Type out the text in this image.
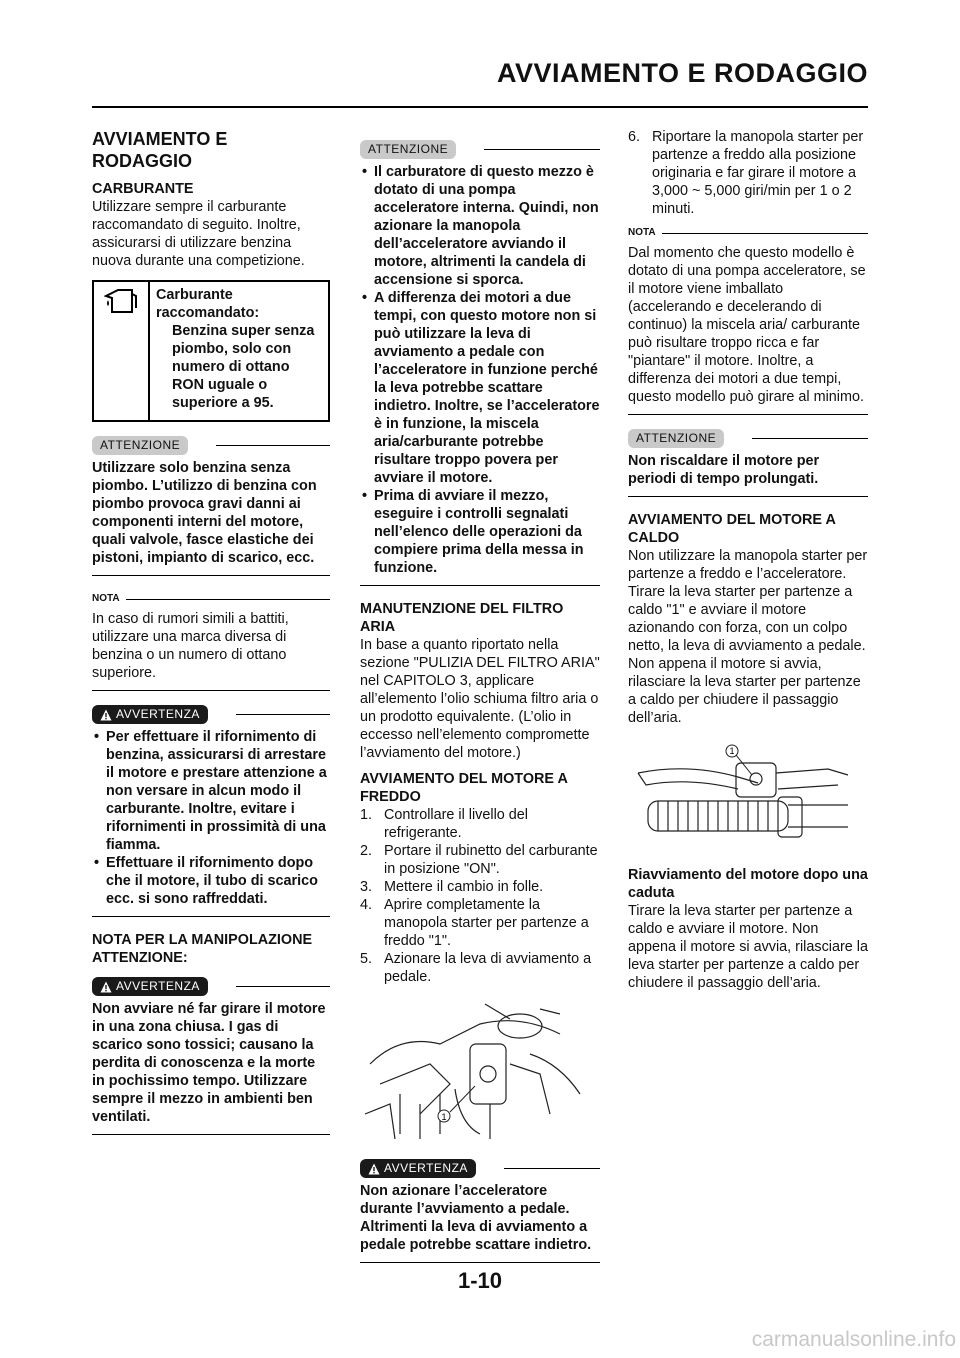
AVVIAMENTO E RODAGGIO
AVVIAMENTO E RODAGGIO

CARBURANTE

Utilizzare sempre il carburante raccomandato di seguito. Inoltre, assicurarsi di utilizzare benzina nuova durante una competizione.

Carburante raccomandato:
Benzina super senza piombo, solo con numero di ottano RON uguale o superiore a 95.
ATTENZIONE

Utilizzare solo benzina senza piombo. L’utilizzo di benzina con piombo provoca gravi danni ai componenti interni del motore, quali valvole, fasce elastiche dei pistoni, impianto di scarico, ecc.

NOTA

In caso di rumori simili a battiti, utilizzare una marca diversa di benzina o un numero di ottano superiore.

AVVERTENZA
• Per effettuare il rifornimento di benzina, assicurarsi di arrestare il motore e prestare attenzione a non versare in alcun modo il carburante. Inoltre, evitare i rifornimenti in prossimità di una fiamma.
• Effettuare il rifornimento dopo che il motore, il tubo di scarico ecc. si sono raffreddati.

NOTA PER LA MANIPOLAZIONE ATTENZIONE:

AVVERTENZA

Non avviare né far girare il motore in una zona chiusa. I gas di scarico sono tossici; causano la perdita di conoscenza e la morte in pochissimo tempo. Utilizzare sempre il mezzo in ambienti ben ventilati.

ATTENZIONE
• Il carburatore di questo mezzo è dotato di una pompa acceleratore interna. Quindi, non azionare la manopola dell’acceleratore avviando il motore, altrimenti la candela di accensione si sporca.
• A differenza dei motori a due tempi, con questo motore non si può utilizzare la leva di avviamento a pedale con l’acceleratore in funzione perché la leva potrebbe scattare indietro. Inoltre, se l’acceleratore è in funzione, la miscela aria/carburante potrebbe risultare troppo povera per avviare il motore.
• Prima di avviare il mezzo, eseguire i controlli segnalati nell’elenco delle operazioni da compiere prima della messa in funzione.

MANUTENZIONE DEL FILTRO ARIA

In base a quanto riportato nella sezione "PULIZIA DEL FILTRO ARIA" nel CAPITOLO 3, applicare all’elemento l’olio schiuma filtro aria o un prodotto equivalente. (L’olio in eccesso nell’elemento compromette l’avviamento del motore.)

AVVIAMENTO DEL MOTORE A FREDDO

1. Controllare il livello del refrigerante.
2. Portare il rubinetto del carburante in posizione "ON".
3. Mettere il cambio in folle.
4. Aprire completamente la manopola starter per partenze a freddo "1".
5. Azionare la leva di avviamento a pedale.
1
AVVERTENZA

Non azionare l’acceleratore durante l’avviamento a pedale. Altrimenti la leva di avviamento a pedale potrebbe scattare indietro.

6. Riportare la manopola starter per partenze a freddo alla posizione originaria e far girare il motore a 3,000 ~ 5,000 giri/min per 1 o 2 minuti.
NOTA

Dal momento che questo modello è dotato di una pompa acceleratore, se il motore viene imballato (accelerando e decelerando di continuo) la miscela aria/ carburante può risultare troppo ricca e far "piantare" il motore. Inoltre, a differenza dei motori a due tempi, questo modello può girare al minimo.

ATTENZIONE

Non riscaldare il motore per periodi di tempo prolungati.

AVVIAMENTO DEL MOTORE A CALDO

Non utilizzare la manopola starter per partenze a freddo e l’acceleratore. Tirare la leva starter per partenze a caldo "1" e avviare il motore azionando con forza, con un colpo netto, la leva di avviamento a pedale. Non appena il motore si avvia, rilasciare la leva starter per partenze a caldo per chiudere il passaggio dell’aria.

1

Riavviamento del motore dopo una caduta

Tirare la leva starter per partenze a caldo e avviare il motore. Non appena il motore si avvia, rilasciare la leva starter per partenze a caldo per chiudere il passaggio dell’aria.

1-10
carmanualsonline.info
